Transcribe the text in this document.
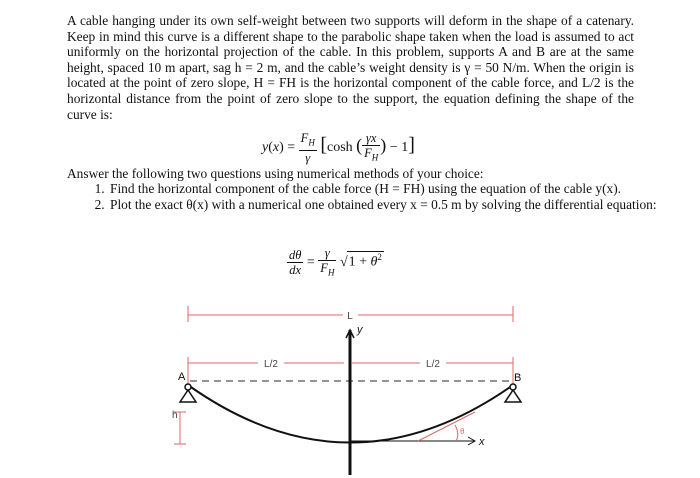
A cable hanging under its own self-weight between two supports will deform in the shape of a catenary. Keep in mind this curve is a different shape to the parabolic shape taken when the load is assumed to act uniformly on the horizontal projection of the cable. In this problem, supports A and B are at the same height, spaced 10 m apart, sag h = 2 m, and the cable’s weight density is γ = 50 N/m. When the origin is located at the point of zero slope, H = FH is the horizontal component of the cable force, and L/2 is the horizontal distance from the point of zero slope to the support, the equation defining the shape of the curve is:

$y(x) = \frac{F_H}{\gamma} [\cosh$ ( $\frac{\gamma x}{F_H}$ ) − 1]
Answer the following two questions using numerical methods of your choice:
1. Find the horizontal component of the cable force (H = FH) using the equation of the cable y(x).
2. Plot the exact θ(x) with a numerical one obtained every x = 0.5 m by solving the differential equation:
$\frac{d\theta}{dx} = \frac{\gamma}{F_H} √1 + \theta^2$
L
L/2	L/2
y
x
A	B
h
θ
